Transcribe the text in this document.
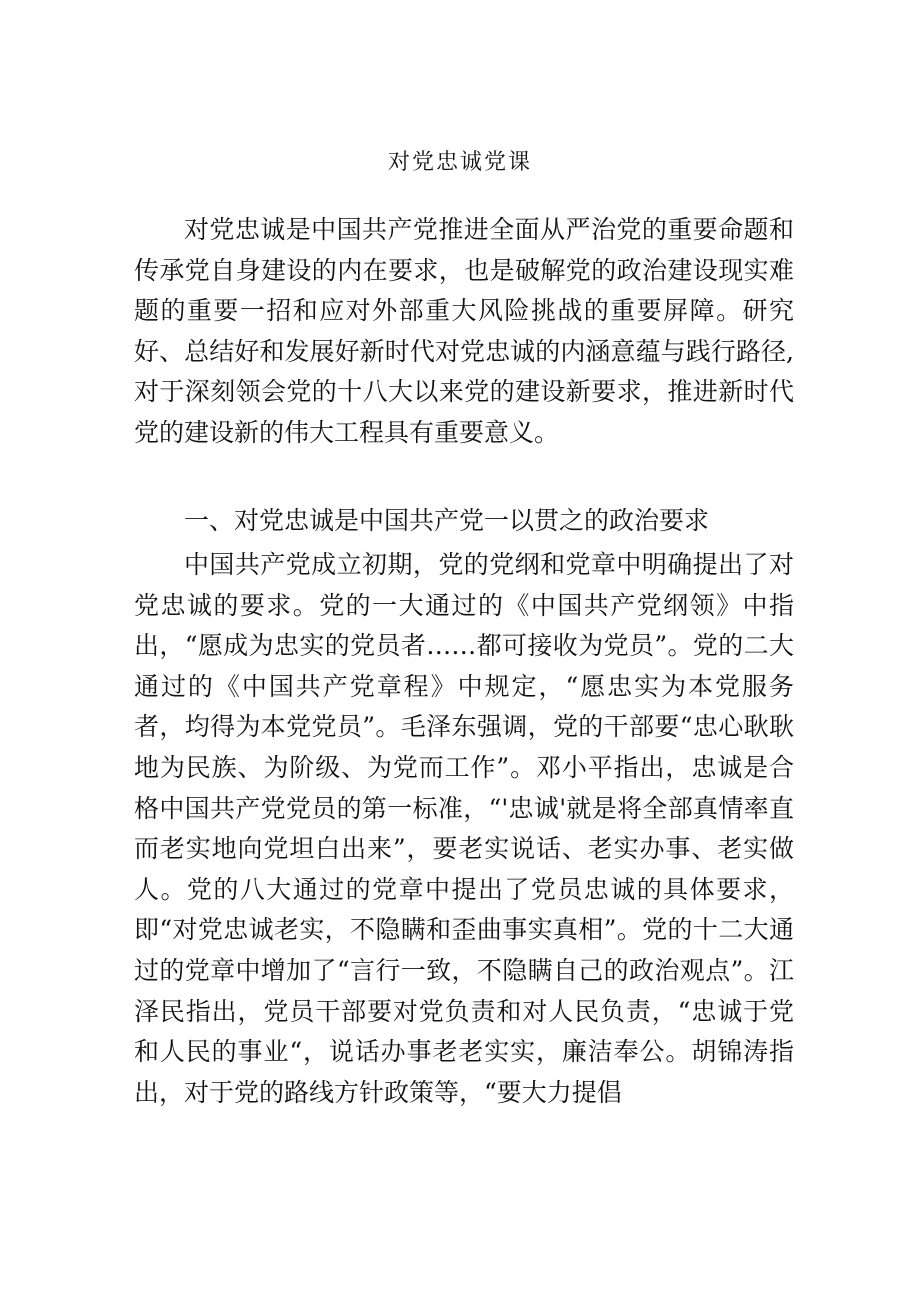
对党忠诚党课

对党忠诚是中国共产党推进全面从严治党的重要命题和传承党自身建设的内在要求，也是破解党的政治建设现实难题的重要一招和应对外部重大风险挑战的重要屏障。研究好、总结好和发展好新时代对党忠诚的内涵意蕴与践行路径,对于深刻领会党的十八大以来党的建设新要求，推进新时代党的建设新的伟大工程具有重要意义。

一、对党忠诚是中国共产党一以贯之的政治要求

中国共产党成立初期，党的党纲和党章中明确提出了对党忠诚的要求。党的一大通过的《中国共产党纲领》中指出，“愿成为忠实的党员者……都可接收为党员”。党的二大通过的《中国共产党章程》中规定，“愿忠实为本党服务者，均得为本党党员”。毛泽东强调，党的干部要“忠心耿耿地为民族、为阶级、为党而工作”。邓小平指出，忠诚是合格中国共产党党员的第一标准，“'忠诚'就是将全部真情率直而老实地向党坦白出来”，要老实说话、老实办事、老实做人。党的八大通过的党章中提出了党员忠诚的具体要求，即“对党忠诚老实，不隐瞒和歪曲事实真相”。党的十二大通过的党章中增加了“言行一致，不隐瞒自己的政治观点”。江泽民指出，党员干部要对党负责和对人民负责，“忠诚于党和人民的事业“，说话办事老老实实，廉洁奉公。胡锦涛指出，对于党的路线方针政策等，“要大力提倡
